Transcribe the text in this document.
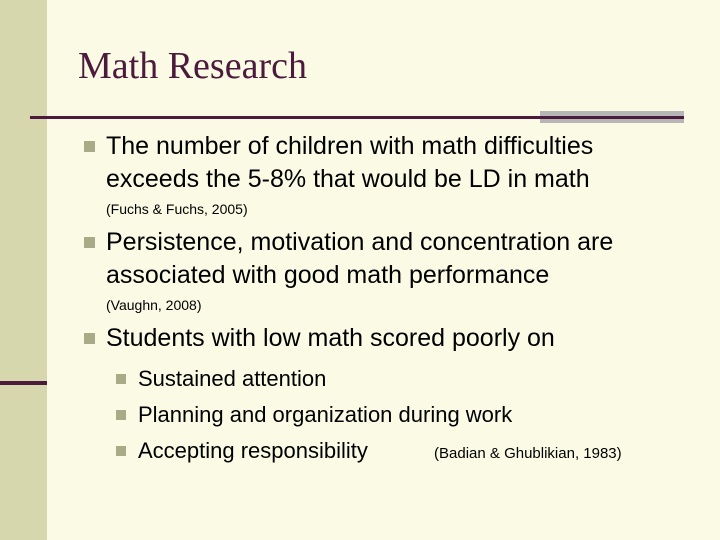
Math Research
The number of children with math difficulties
exceeds the 5-8% that would be LD in math
(Fuchs & Fuchs, 2005)
Persistence, motivation and concentration are
associated with good math performance
(Vaughn, 2008)
Students with low math scored poorly on
Sustained attention
Planning and organization during work
Accepting responsibility	(Badian & Ghublikian, 1983)
